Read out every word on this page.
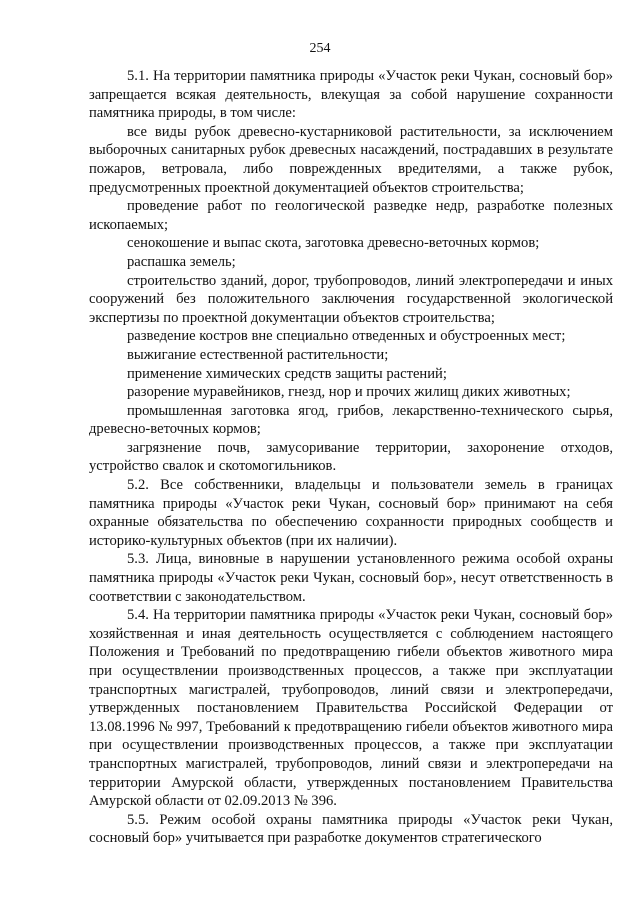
254

5.1. На территории памятника природы «Участок реки Чукан, сосновый бор» запрещается всякая деятельность, влекущая за собой нарушение сохранности памятника природы, в том числе:

все виды рубок древесно-кустарниковой растительности, за исключением выборочных санитарных рубок древесных насаждений, пострадавших в результате пожаров, ветровала, либо поврежденных вредителями, а также рубок, предусмотренных проектной документацией объектов строительства;

проведение работ по геологической разведке недр, разработке полезных ископаемых;

сенокошение и выпас скота, заготовка древесно-веточных кормов;

распашка земель;

строительство зданий, дорог, трубопроводов, линий электропередачи и иных сооружений без положительного заключения государственной экологической экспертизы по проектной документации объектов строительства;

разведение костров вне специально отведенных и обустроенных мест;

выжигание естественной растительности;

применение химических средств защиты растений;

разорение муравейников, гнезд, нор и прочих жилищ диких животных;

промышленная заготовка ягод, грибов, лекарственно-технического сырья, древесно-веточных кормов;

загрязнение почв, замусоривание территории, захоронение отходов, устройство свалок и скотомогильников.

5.2. Все собственники, владельцы и пользователи земель в границах памятника природы «Участок реки Чукан, сосновый бор» принимают на себя охранные обязательства по обеспечению сохранности природных сообществ и историко-культурных объектов (при их наличии).

5.3. Лица, виновные в нарушении установленного режима особой охраны памятника природы «Участок реки Чукан, сосновый бор», несут ответственность в соответствии с законодательством.

5.4. На территории памятника природы «Участок реки Чукан, сосновый бор» хозяйственная и иная деятельность осуществляется с соблюдением настоящего Положения и Требований по предотвращению гибели объектов животного мира при осуществлении производственных процессов, а также при эксплуатации транспортных магистралей, трубопроводов, линий связи и электропередачи, утвержденных постановлением Правительства Российской Федерации от 13.08.1996 № 997, Требований к предотвращению гибели объектов животного мира при осуществлении производственных процессов, а также при эксплуатации транспортных магистралей, трубопроводов, линий связи и электропередачи на территории Амурской области, утвержденных постановлением Правительства Амурской области от 02.09.2013 № 396.

5.5. Режим особой охраны памятника природы «Участок реки Чукан, сосновый бор» учитывается при разработке документов стратегического
